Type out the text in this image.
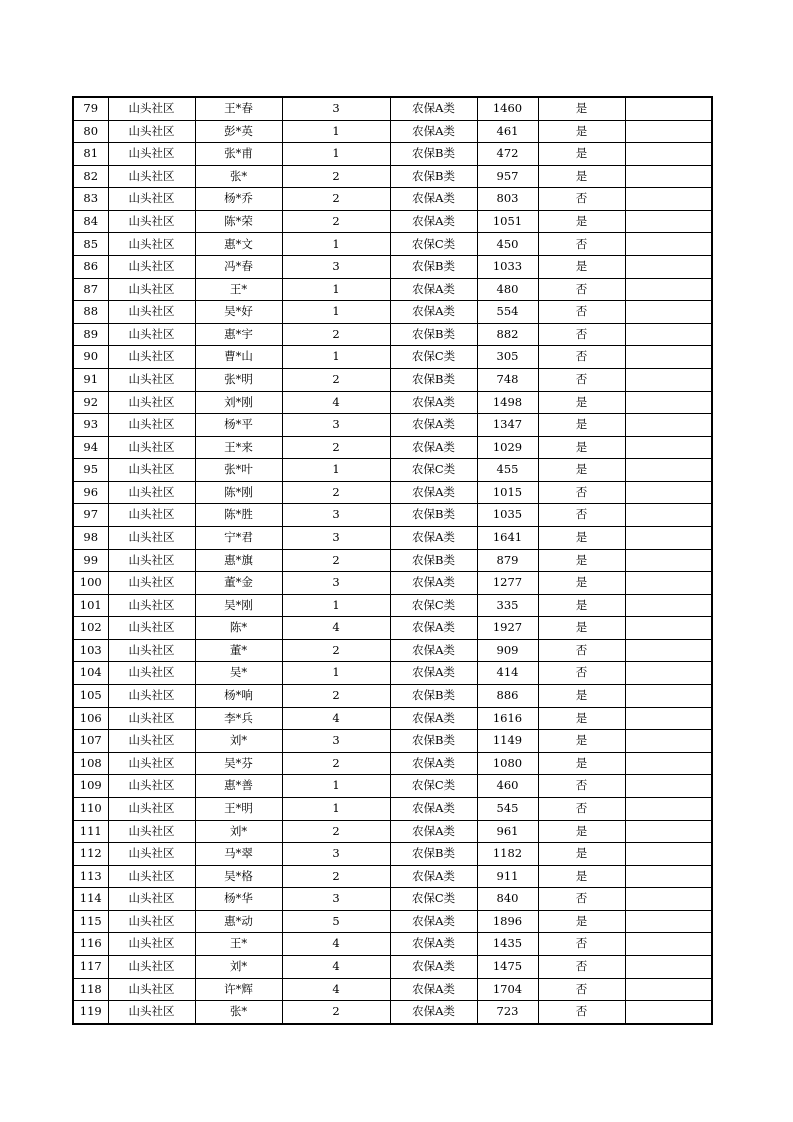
79	山头社区	王*春	3	农保A类	1460	是	
80	山头社区	彭*英	1	农保A类	461	是	
81	山头社区	张*甫	1	农保B类	472	是	
82	山头社区	张*	2	农保B类	957	是	
83	山头社区	杨*乔	2	农保A类	803	否	
84	山头社区	陈*荣	2	农保A类	1051	是	
85	山头社区	惠*文	1	农保C类	450	否	
86	山头社区	冯*春	3	农保B类	1033	是	
87	山头社区	王*	1	农保A类	480	否	
88	山头社区	吴*好	1	农保A类	554	否	
89	山头社区	惠*宇	2	农保B类	882	否	
90	山头社区	曹*山	1	农保C类	305	否	
91	山头社区	张*明	2	农保B类	748	否	
92	山头社区	刘*刚	4	农保A类	1498	是	
93	山头社区	杨*平	3	农保A类	1347	是	
94	山头社区	王*来	2	农保A类	1029	是	
95	山头社区	张*叶	1	农保C类	455	是	
96	山头社区	陈*刚	2	农保A类	1015	否	
97	山头社区	陈*胜	3	农保B类	1035	否	
98	山头社区	宁*君	3	农保A类	1641	是	
99	山头社区	惠*旗	2	农保B类	879	是	
100	山头社区	董*金	3	农保A类	1277	是	
101	山头社区	吴*刚	1	农保C类	335	是	
102	山头社区	陈*	4	农保A类	1927	是	
103	山头社区	董*	2	农保A类	909	否	
104	山头社区	吴*	1	农保A类	414	否	
105	山头社区	杨*响	2	农保B类	886	是	
106	山头社区	李*兵	4	农保A类	1616	是	
107	山头社区	刘*	3	农保B类	1149	是	
108	山头社区	吴*芬	2	农保A类	1080	是	
109	山头社区	惠*善	1	农保C类	460	否	
110	山头社区	王*明	1	农保A类	545	否	
111	山头社区	刘*	2	农保A类	961	是	
112	山头社区	马*翠	3	农保B类	1182	是	
113	山头社区	吴*格	2	农保A类	911	是	
114	山头社区	杨*华	3	农保C类	840	否	
115	山头社区	惠*动	5	农保A类	1896	是	
116	山头社区	王*	4	农保A类	1435	否	
117	山头社区	刘*	4	农保A类	1475	否	
118	山头社区	许*辉	4	农保A类	1704	否	
119	山头社区	张*	2	农保A类	723	否	
